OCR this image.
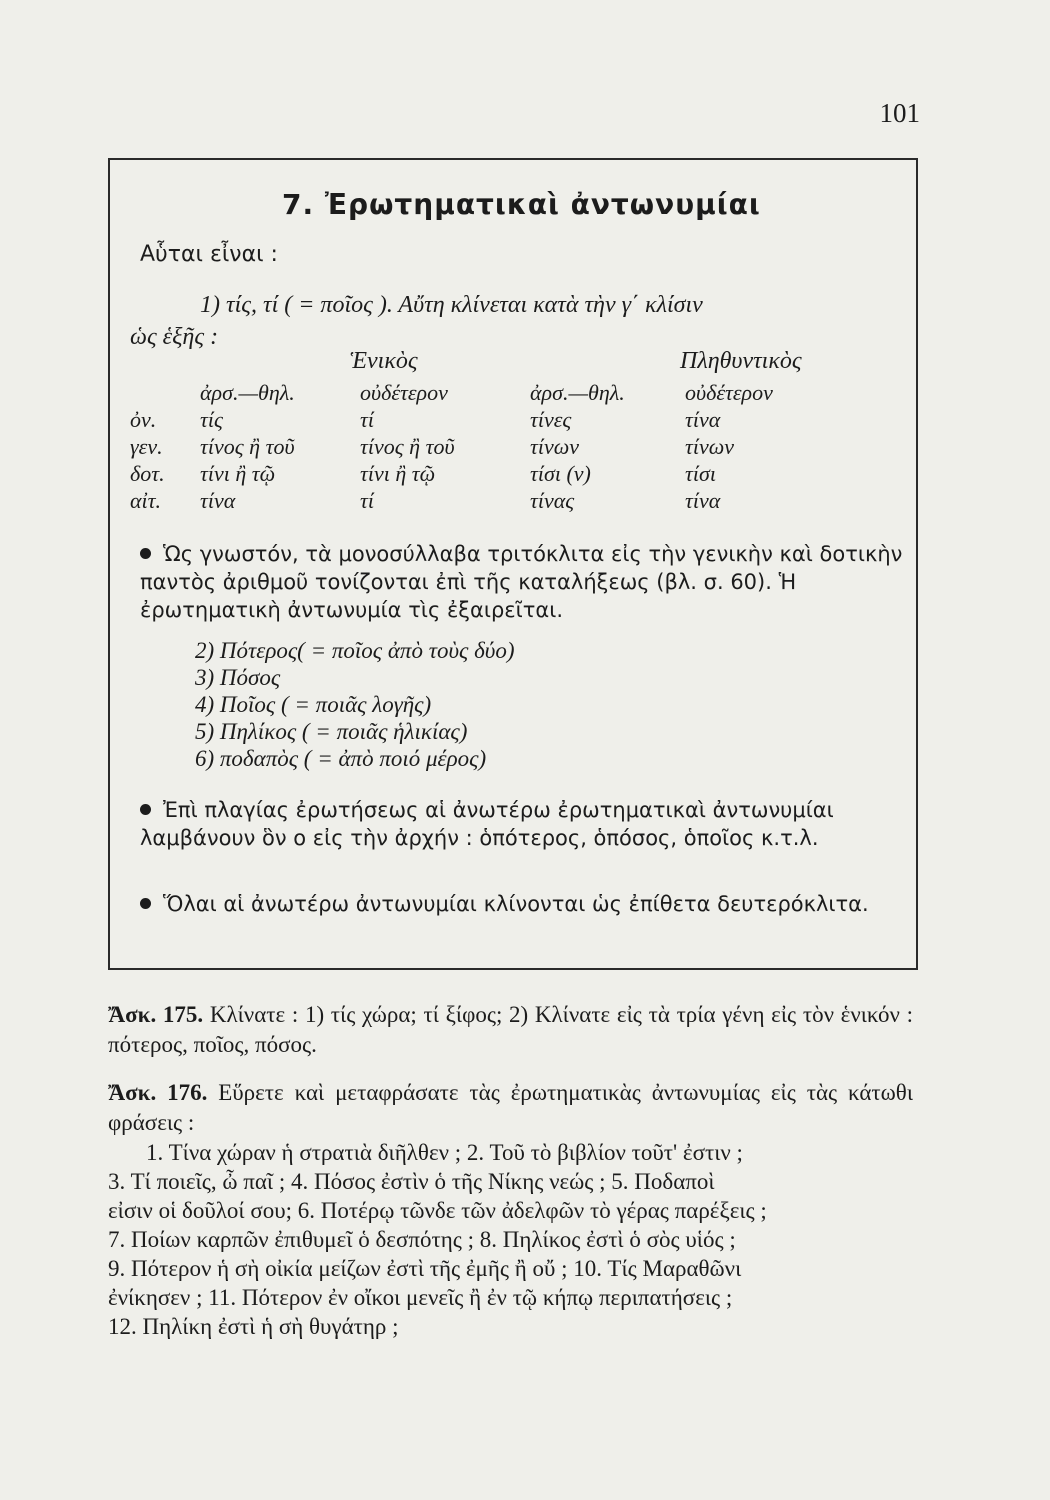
101
7. Ἐρωτηματικαὶ ἀντωνυμίαι
Αὗται εἶναι :
1) τίς, τί ( = ποῖος ). Αὔτη κλίνεται κατὰ τὴν γ΄ κλίσιν
ὡς ἑξῆς :
Ἑνικὸς	Πληθυντικὸς
	ἀρσ.—θηλ.	οὐδέτερον	ἀρσ.—θηλ.	οὐδέτερον
ὀν.	τίς	τί	τίνες	τίνα
γεν.	τίνος ἢ τοῦ	τίνος ἢ τοῦ	τίνων	τίνων
δοτ.	τίνι ἢ τῷ	τίνι ἢ τῷ	τίσι (ν)	τίσι
αἰτ.	τίνα	τί	τίνας	τίνα
Ὡς γνωστόν, τὰ μονοσύλλαβα τριτόκλιτα εἰς τὴν γενικὴν καὶ δοτικὴν παντὸς ἀριθμοῦ τονίζονται ἐπὶ τῆς καταλήξεως (βλ. σ. 60). Ἡ ἐρωτηματικὴ ἀντωνυμία τὶς ἐξαιρεῖται.
2) Πότερος( = ποῖος ἀπὸ τοὺς δύο)
3) Πόσος
4) Ποῖος ( = ποιᾶς λογῆς)
5) Πηλίκος ( = ποιᾶς ἡλικίας)
6) ποδαπὸς ( = ἀπὸ ποιό μέρος)
Ἐπὶ πλαγίας ἐρωτήσεως αἱ ἀνωτέρω ἐρωτηματικαὶ ἀντωνυμίαι λαμβάνουν ὃν ο εἰς τὴν ἀρχήν : ὁπότερος, ὁπόσος, ὁποῖος κ.τ.λ.
Ὅλαι αἱ ἀνωτέρω ἀντωνυμίαι κλίνονται ὡς ἐπίθετα δευτερόκλιτα.
Ἄσκ. 175. Κλίνατε : 1) τίς χώρα; τί ξίφος; 2) Κλίνατε εἰς τὰ τρία γένη εἰς τὸν ἑνικόν : πότερος, ποῖος, πόσος.
Ἄσκ. 176. Εὕρετε καὶ μεταφράσατε τὰς ἐρωτηματικὰς ἀντωνυμίας εἰς τὰς κάτωθι φράσεις :
1. Τίνα χώραν ἡ στρατιὰ διῆλθεν ; 2. Τοῦ τὸ βιβλίον τοῦτ' ἐστιν ;
3. Τί ποιεῖς, ὦ παῖ ; 4. Πόσος ἐστὶν ὁ τῆς Νίκης νεώς ; 5. Ποδαποὶ
εἰσιν οἱ δοῦλοί σου; 6. Ποτέρῳ τῶνδε τῶν ἀδελφῶν τὸ γέρας παρέξεις ;
7. Ποίων καρπῶν ἐπιθυμεῖ ὁ δεσπότης ; 8. Πηλίκος ἐστὶ ὁ σὸς υἱός ;
9. Πότερον ἡ σὴ οἰκία μείζων ἐστὶ τῆς ἐμῆς ἢ οὔ ; 10. Τίς Μαραθῶνι
ἐνίκησεν ; 11. Πότερον ἐν οἴκοι μενεῖς ἢ ἐν τῷ κήπῳ περιπατήσεις ;
12. Πηλίκη ἐστὶ ἡ σὴ θυγάτηρ ;
